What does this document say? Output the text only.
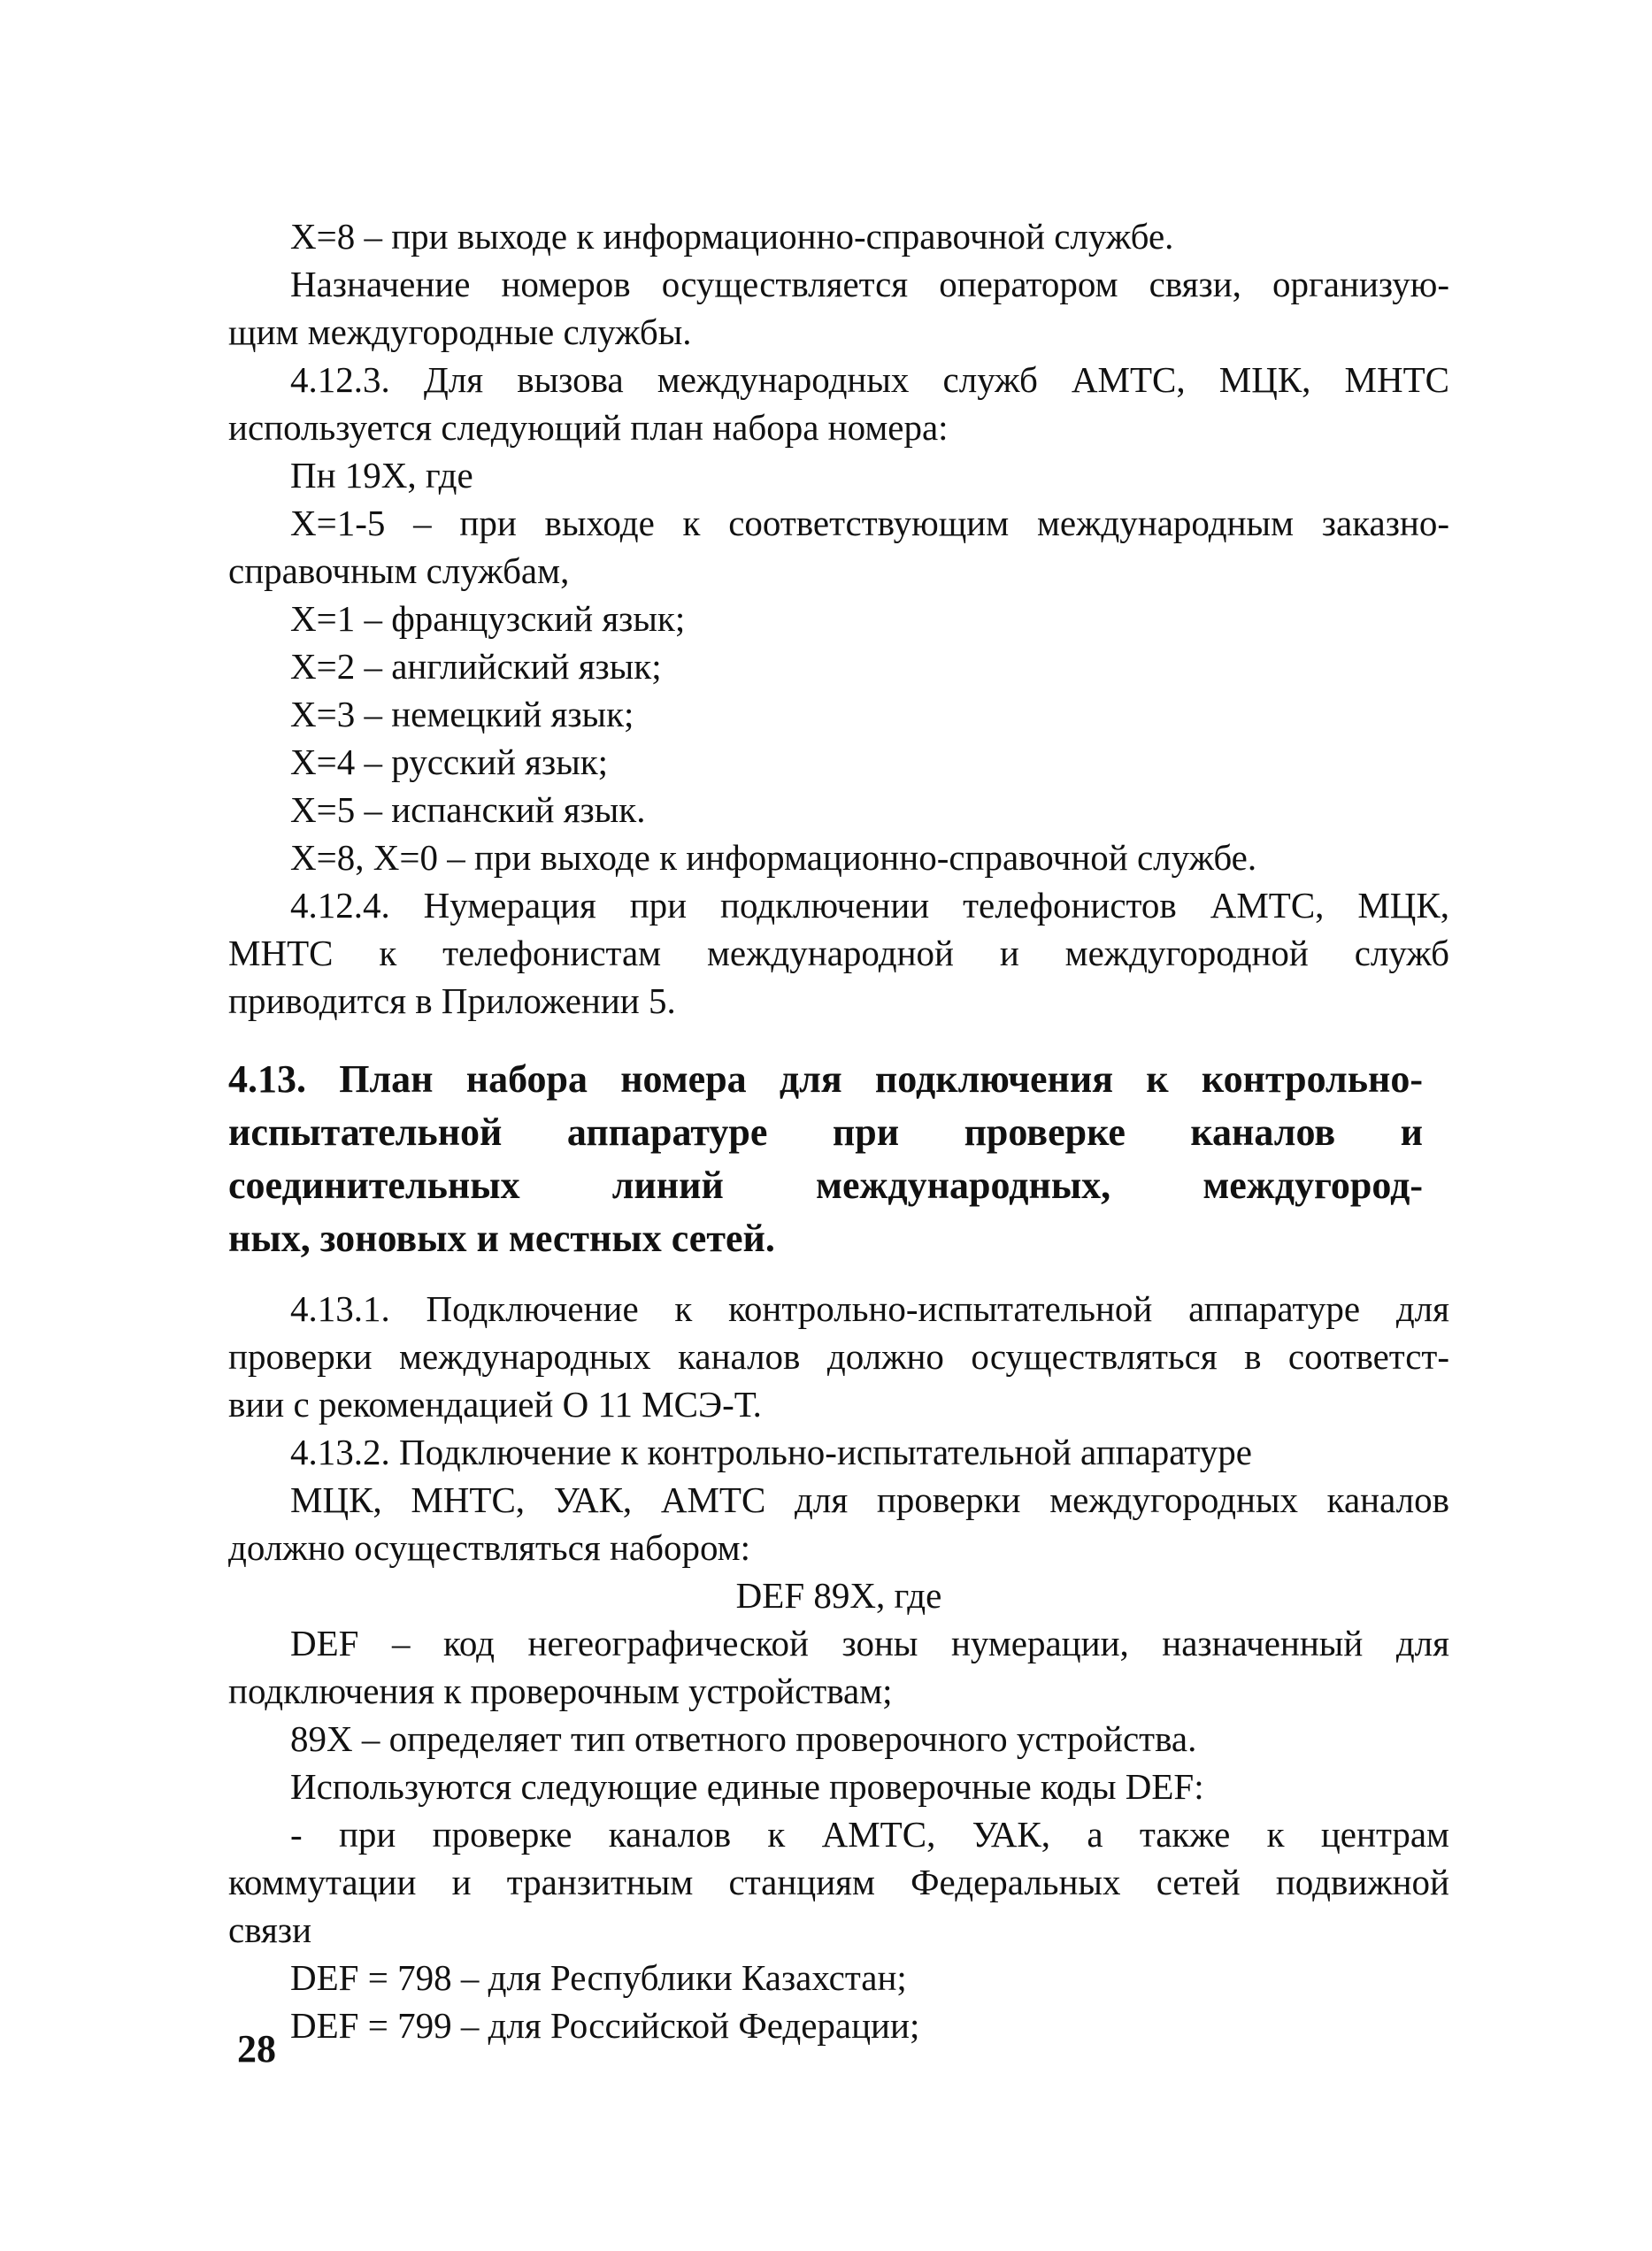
X=8 – при выходе к информационно-справочной службе.
Назначение номеров осуществляется оператором связи, организую-
щим междугородные службы.
4.12.3. Для вызова международных служб АМТС, МЦК, МНТС
используется следующий план набора номера:
Пн 19Х, где
Х=1-5 – при выходе к соответствующим международным заказно-
справочным службам,
Х=1 – французский язык;
Х=2 – английский язык;
Х=3 – немецкий язык;
Х=4 – русский язык;
Х=5 – испанский язык.
Х=8, Х=0 – при выходе к информационно-справочной службе.
4.12.4. Нумерация при подключении телефонистов АМТС, МЦК,
МНТС к телефонистам международной и междугородной служб
приводится в Приложении 5.
4.13. План набора номера для подключения к контрольно-
испытательной аппаратуре при проверке каналов и
соединительных линий международных, междугород-
ных, зоновых и местных сетей.
4.13.1. Подключение к контрольно-испытательной аппаратуре для
проверки международных каналов должно осуществляться в соответст-
вии с рекомендацией О 11 МСЭ-Т.
4.13.2. Подключение к контрольно-испытательной аппаратуре
МЦК, МНТС, УАК, АМТС для проверки междугородных каналов
должно осуществляться набором:
DEF 89X, где
DEF – код негеографической зоны нумерации, назначенный для
подключения к проверочным устройствам;
89Х – определяет тип ответного проверочного устройства.
Используются следующие единые проверочные коды DEF:
- при проверке каналов к АМТС, УАК, а также к центрам
коммутации и транзитным станциям Федеральных сетей подвижной
связи
DEF = 798 – для Республики Казахстан;
DEF = 799 – для Российской Федерации;
28
